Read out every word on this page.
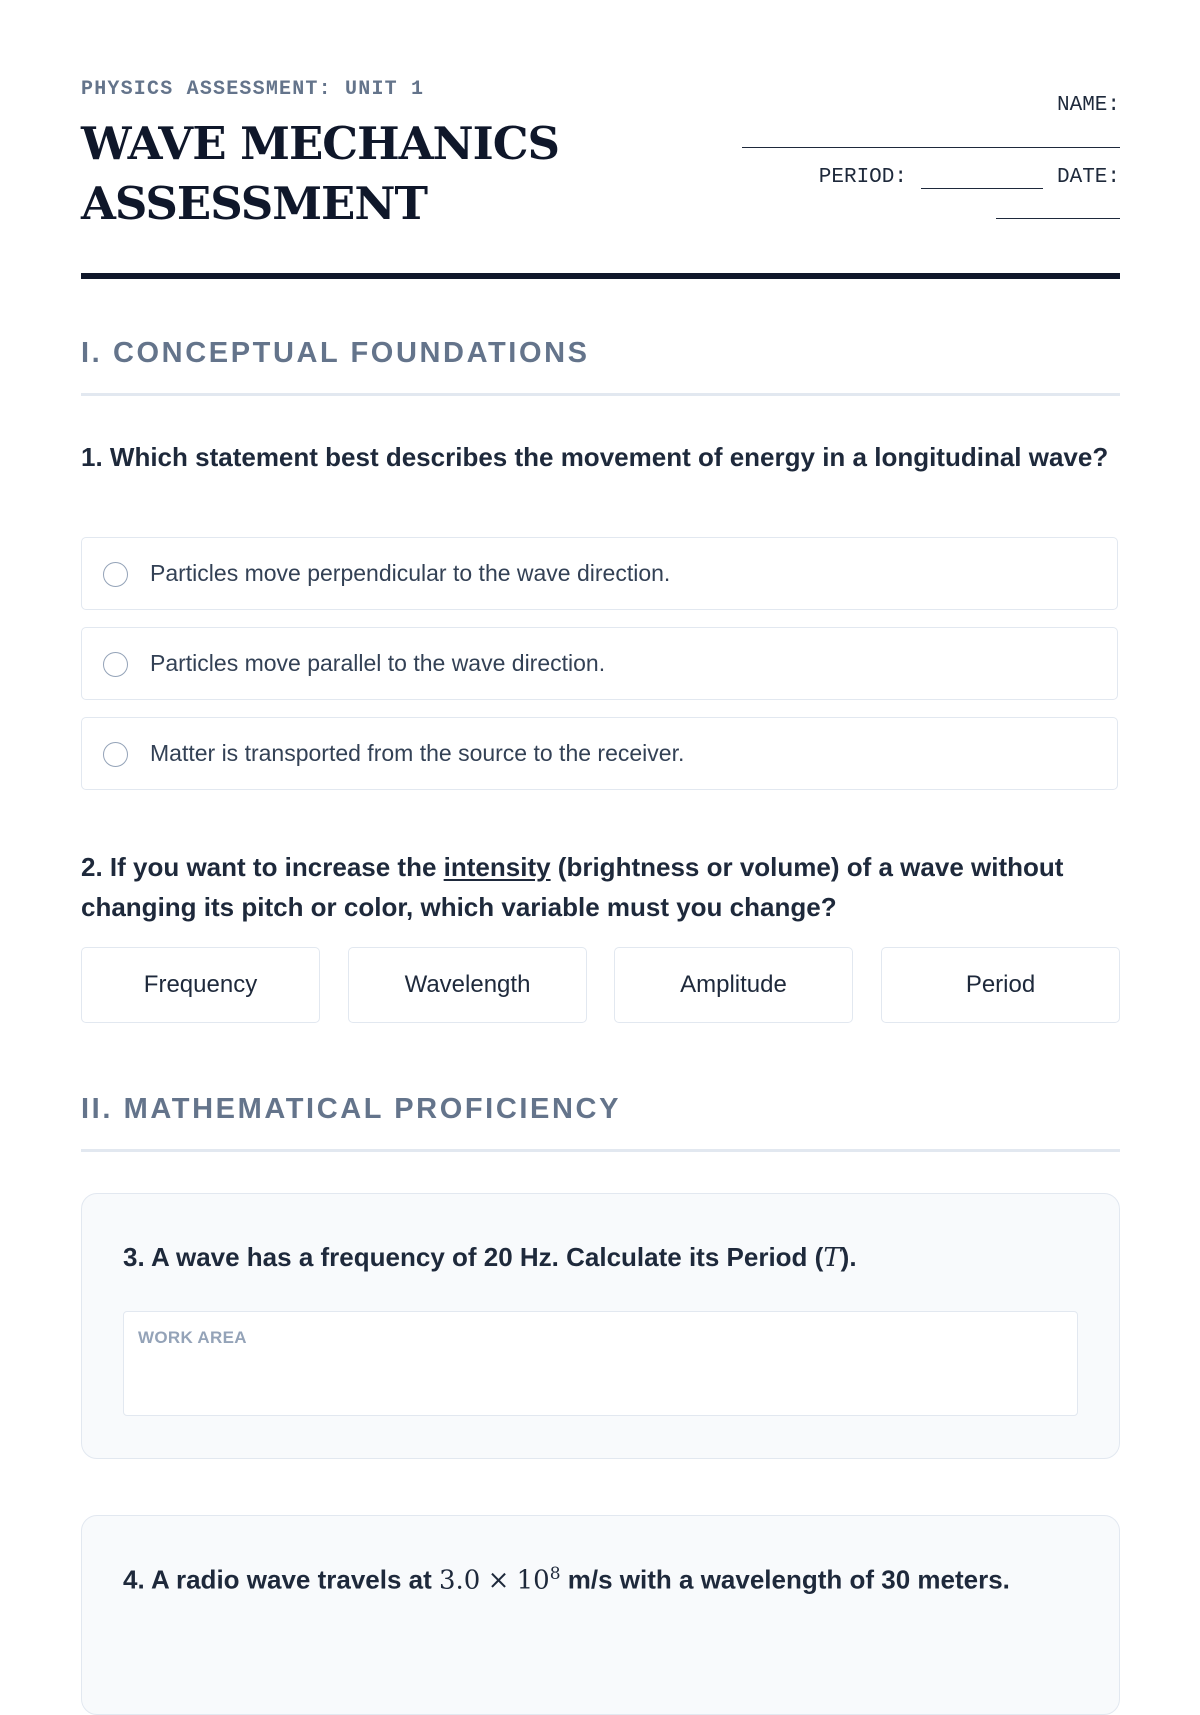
PHYSICS ASSESSMENT: UNIT 1
WAVE MECHANICS ASSESSMENT
NAME:
PERIOD:	DATE:
I. CONCEPTUAL FOUNDATIONS
1. Which statement best describes the movement of energy in a longitudinal wave?
Particles move perpendicular to the wave direction.
Particles move parallel to the wave direction.
Matter is transported from the source to the receiver.
2. If you want to increase the intensity (brightness or volume) of a wave without changing its pitch or color, which variable must you change?
Frequency	Wavelength	Amplitude	Period
II. MATHEMATICAL PROFICIENCY
3. A wave has a frequency of 20 Hz. Calculate its Period (T).
WORK AREA
4. A radio wave travels at $3.0 \times 10^8$ m/s with a wavelength of 30 meters.
